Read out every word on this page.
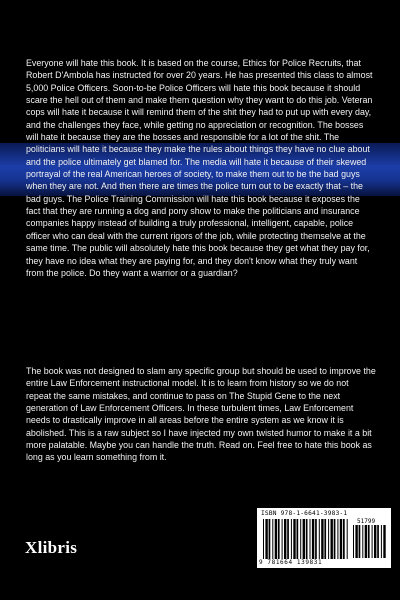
Everyone will hate this book. It is based on the course, Ethics for Police Recruits, that Robert D'Ambola has instructed for over 20 years. He has presented this class to almost 5,000 Police Officers. Soon-to-be Police Officers will hate this book because it should scare the hell out of them and make them question why they want to do this job. Veteran cops will hate it because it will remind them of the shit they had to put up with every day, and the challenges they face, while getting no appreciation or recognition. The bosses will hate it because they are the bosses and responsible for a lot of the shit. The politicians will hate it because they make the rules about things they have no clue about and the police ultimately get blamed for. The media will hate it because of their skewed portrayal of the real American heroes of society, to make them out to be the bad guys when they are not. And then there are times the police turn out to be exactly that – the bad guys. The Police Training Commission will hate this book because it exposes the fact that they are running a dog and pony show to make the politicians and insurance companies happy instead of building a truly professional, intelligent, capable, police officer who can deal with the current rigors of the job, while protecting themselve at the same time. The public will absolutely hate this book because they get what they pay for, they have no idea what they are paying for, and they don't know what they truly want from the police. Do they want a warrior or a guardian?
The book was not designed to slam any specific group but should be used to improve the entire Law Enforcement instructional model. It is to learn from history so we do not repeat the same mistakes, and continue to pass on The Stupid Gene to the next generation of Law Enforcement Officers. In these turbulent times, Law Enforcement needs to drastically improve in all areas before the entire system as we know it is abolished. This is a raw subject so I have injected my own twisted humor to make it a bit more palatable. Maybe you can handle the truth. Read on. Feel free to hate this book as long as you learn something from it.
Xlibris
ISBN 978-1-6641-3983-1
51799
9 781664 139831
